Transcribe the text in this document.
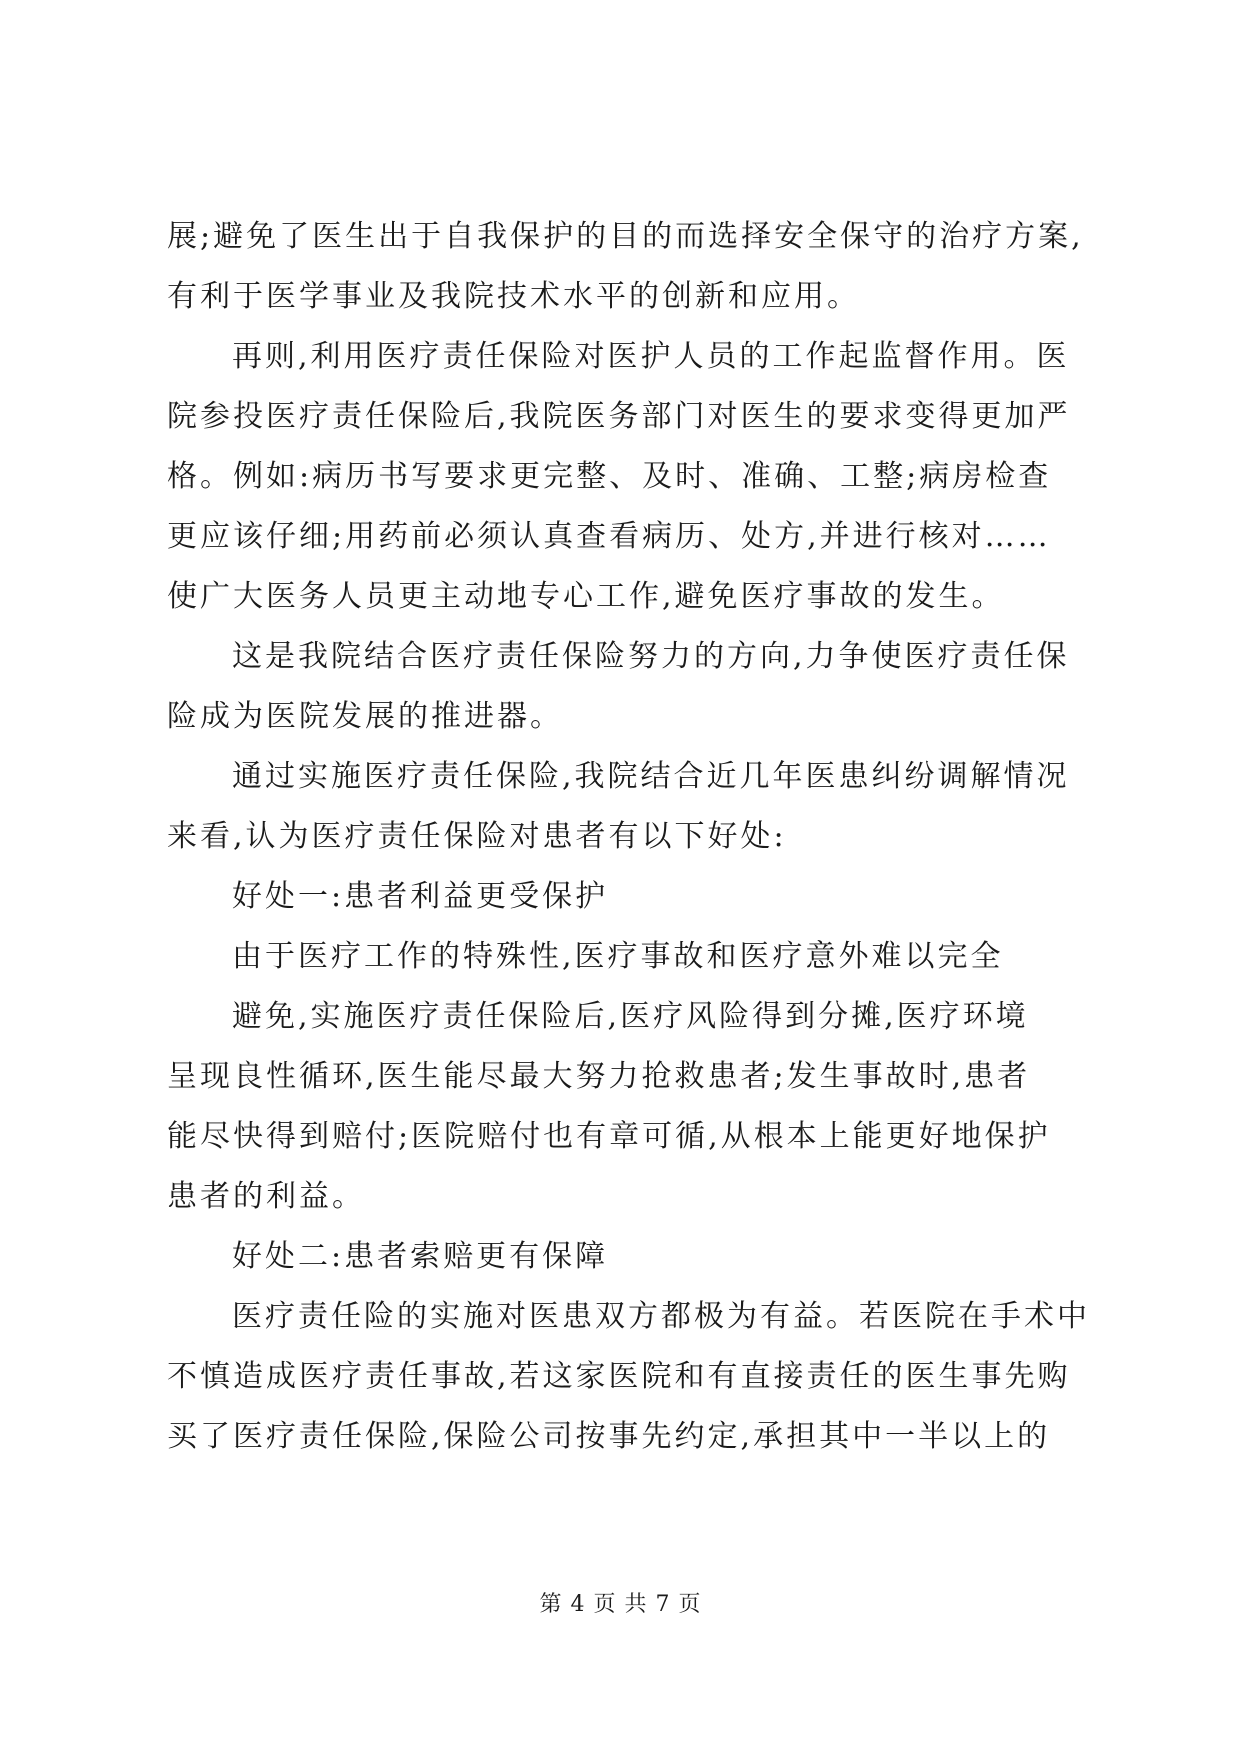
展;避免了医生出于自我保护的目的而选择安全保守的治疗方案,
有利于医学事业及我院技术水平的创新和应用。
再则,利用医疗责任保险对医护人员的工作起监督作用。医
院参投医疗责任保险后,我院医务部门对医生的要求变得更加严
格。例如:病历书写要求更完整、及时、准确、工整;病房检查
更应该仔细;用药前必须认真查看病历、处方,并进行核对……
使广大医务人员更主动地专心工作,避免医疗事故的发生。
这是我院结合医疗责任保险努力的方向,力争使医疗责任保
险成为医院发展的推进器。
通过实施医疗责任保险,我院结合近几年医患纠纷调解情况
来看,认为医疗责任保险对患者有以下好处:
好处一:患者利益更受保护
由于医疗工作的特殊性,医疗事故和医疗意外难以完全
避免,实施医疗责任保险后,医疗风险得到分摊,医疗环境
呈现良性循环,医生能尽最大努力抢救患者;发生事故时,患者
能尽快得到赔付;医院赔付也有章可循,从根本上能更好地保护
患者的利益。
好处二:患者索赔更有保障
医疗责任险的实施对医患双方都极为有益。若医院在手术中
不慎造成医疗责任事故,若这家医院和有直接责任的医生事先购
买了医疗责任保险,保险公司按事先约定,承担其中一半以上的
第 4 页 共 7 页
